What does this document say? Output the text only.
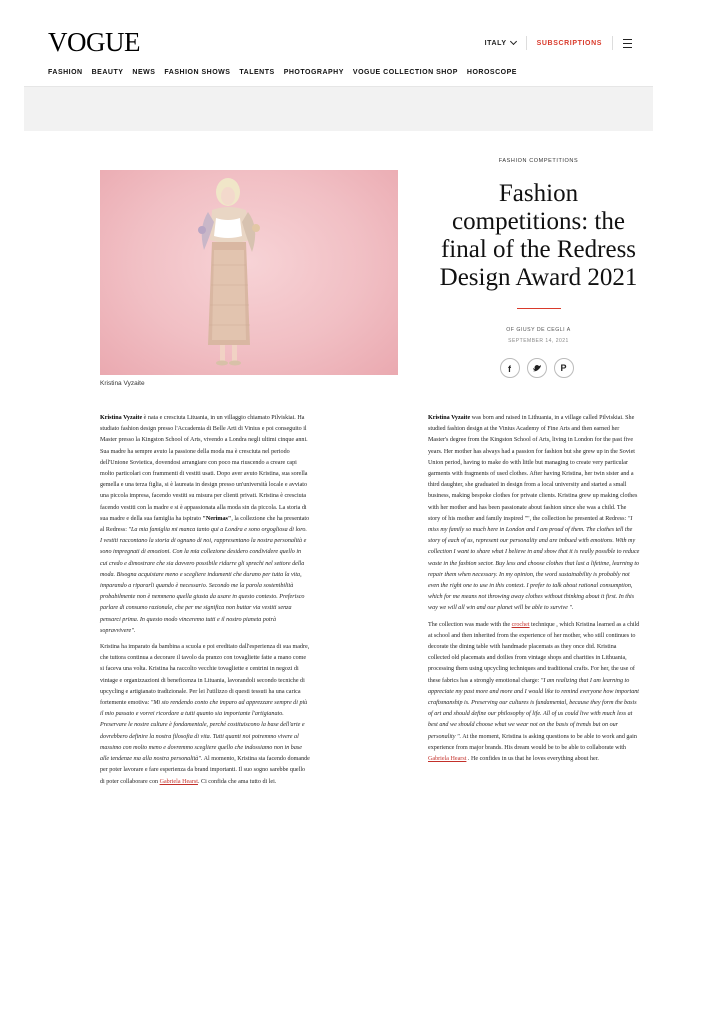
VOGUE	ITALY	SUBSCRIPTIONS
FASHION BEAUTY NEWS FASHION SHOWS TALENTS PHOTOGRAPHY VOGUE COLLECTION SHOP HOROSCOPE
Kristina Vyzaite
FASHION COMPETITIONS
Fashion competitions: the final of the Redress Design Award 2021
OF GIUSY DE CEGLI A
SEPTEMBER 14, 2021
f	P

Kristina Vyzaite è nata e cresciuta Lituania, in un villaggio chiamato Pilviskiai. Ha studiato fashion design presso l'Accademia di Belle Arti di Vinius e poi conseguito il Master presso la Kingston School of Arts, vivendo a Londra negli ultimi cinque anni. Sua madre ha sempre avuto la passione della moda ma è cresciuta nel periodo dell'Unione Sovietica, dovendosi arrangiare con poco ma riuscendo a creare capi molto particolari con frammenti di vestiti usati. Dopo aver avuto Kristina, sua sorella gemella e una terza figlia, si è laureata in design presso un'università locale e avviato una piccola impresa, facendo vestiti su misura per clienti privati. Kristina è cresciuta facendo vestiti con la madre e si è appassionata alla moda sin da piccola. La storia di sua madre e della sua famiglia ha ispirato "Nerimas", la collezione che ha presentato al Redress: "La mia famiglia mi manca tanto qui a Londra e sono orgogliosa di loro. I vestiti raccontano la storia di ognuno di noi, rappresentano la nostra personalità e sono impregnati di emozioni. Con la mia collezione desidero condividere quello in cui credo e dimostrare che sia davvero possibile ridurre gli sprechi nel settore della moda. Bisogna acquistare meno e scegliere indumenti che durano per tutta la vita, imparando a ripararli quando è necessario. Secondo me la parola sostenibilità probabilmente non è nemmeno quella giusta da usare in questo contesto. Preferisco parlare di consumo razionale, che per me significa non buttar via vestiti senza pensarci prima. In questo modo vinceremo tutti e il nostro pianeta potrà sopravvivere".

Kristina ha imparato da bambina a scuola e poi ereditato dall'esperienza di sua madre, che tuttora continua a decorare il tavolo da pranzo con tovagliette fatte a mano come si faceva una volta. Kristina ha raccolto vecchie tovagliette e centrini in negozi di vintage e organizzazioni di beneficenza in Lituania, lavorandoli secondo tecniche di upcycling e artigianato tradizionale. Per lei l'utilizzo di questi tessuti ha una carica fortemente emotiva: "Mi sto rendendo conto che imparo ad apprezzare sempre di più il mio passato e vorrei ricordare a tutti quanto sia importante l'artigianato. Preservare le nostre culture è fondamentale, perché costituiscono la base dell'arte e dovrebbero definire la nostra filosofia di vita. Tutti quanti noi potremmo vivere al massimo con molto meno e dovremmo scegliere quello che indossiamo non in base alle tendenze ma alla nostra personalità". Al momento, Kristina sta facendo domande per poter lavorare e fare esperienza da brand importanti. Il suo sogno sarebbe quello di poter collaborare con Gabriela Hearst. Ci confida che ama tutto di lei.

Kristina Vyzaite was born and raised in Lithuania, in a village called Pilviskiai. She studied fashion design at the Vinius Academy of Fine Arts and then earned her Master's degree from the Kingston School of Arts, living in London for the past five years. Her mother has always had a passion for fashion but she grew up in the Soviet Union period, having to make do with little but managing to create very particular garments with fragments of used clothes. After having Kristina, her twin sister and a third daughter, she graduated in design from a local university and started a small business, making bespoke clothes for private clients. Kristina grew up making clothes with her mother and has been passionate about fashion since she was a child. The story of his mother and family inspired "", the collection he presented at Redress: "I miss my family so much here in London and I am proud of them. The clothes tell the story of each of us, represent our personality and are imbued with emotions. With my collection I want to share what I believe in and show that it is really possible to reduce waste in the fashion sector. Buy less and choose clothes that last a lifetime, learning to repair them when necessary. In my opinion, the word sustainability is probably not even the right one to use in this context. I prefer to talk about rational consumption, which for me means not throwing away clothes without thinking about it first. In this way we will all win and our planet will be able to survive ".

The collection was made with the crochet technique , which Kristina learned as a child at school and then inherited from the experience of her mother, who still continues to decorate the dining table with handmade placemats as they once did. Kristina collected old placemats and doilies from vintage shops and charities in Lithuania, processing them using upcycling techniques and traditional crafts. For her, the use of these fabrics has a strongly emotional charge: "I am realizing that I am learning to appreciate my past more and more and I would like to remind everyone how important craftsmanship is. Preserving our cultures is fundamental, because they form the basis of art and should define our philosophy of life. All of us could live with much less at best and we should choose what we wear not on the basis of trends but on our personality ". At the moment, Kristina is asking questions to be able to work and gain experience from major brands. His dream would be to be able to collaborate with Gabriela Hearst . He confides in us that he loves everything about her.
